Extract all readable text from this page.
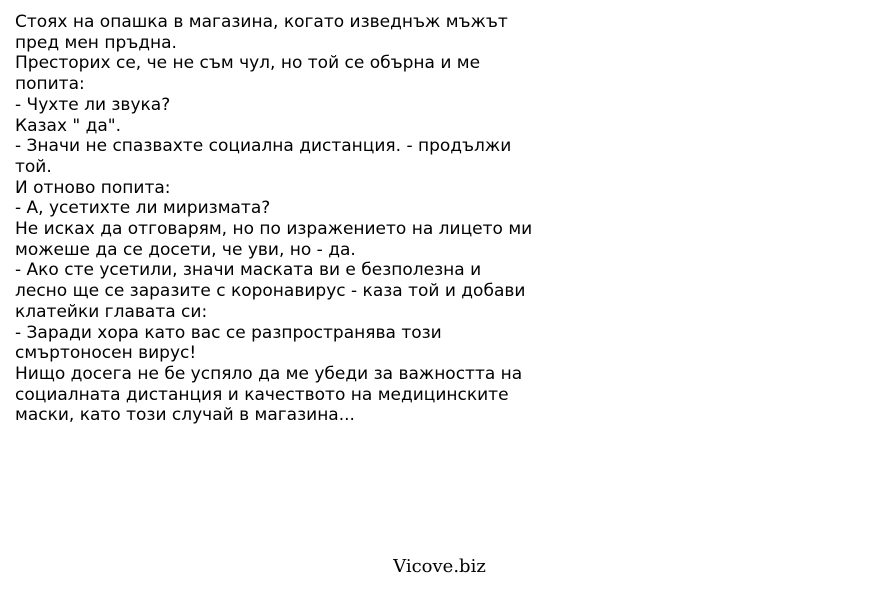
Стоях на опашка в магазина, когато изведнъж мъжът
пред мен пръдна.
Престорих се, че не съм чул, но той се обърна и ме
попита:
- Чухте ли звука?
Казах " да".
- Значи не спазвахте социална дистанция. - продължи
той.
И отново попита:
- А, усетихте ли миризмата?
Не исках да отговарям, но по изражението на лицето ми
можеше да се досети, че уви, но - да.
- Ако сте усетили, значи маската ви е безполезна и
лесно ще се заразите с коронавирус - каза той и добави
клатейки главата си:
- Заради хора като вас се разпространява този
смъртоносен вирус!
Нищо досега не бе успяло да ме убеди за важността на
социалната дистанция и качеството на медицинските
маски, като този случай в магазина...
Vicove.biz
